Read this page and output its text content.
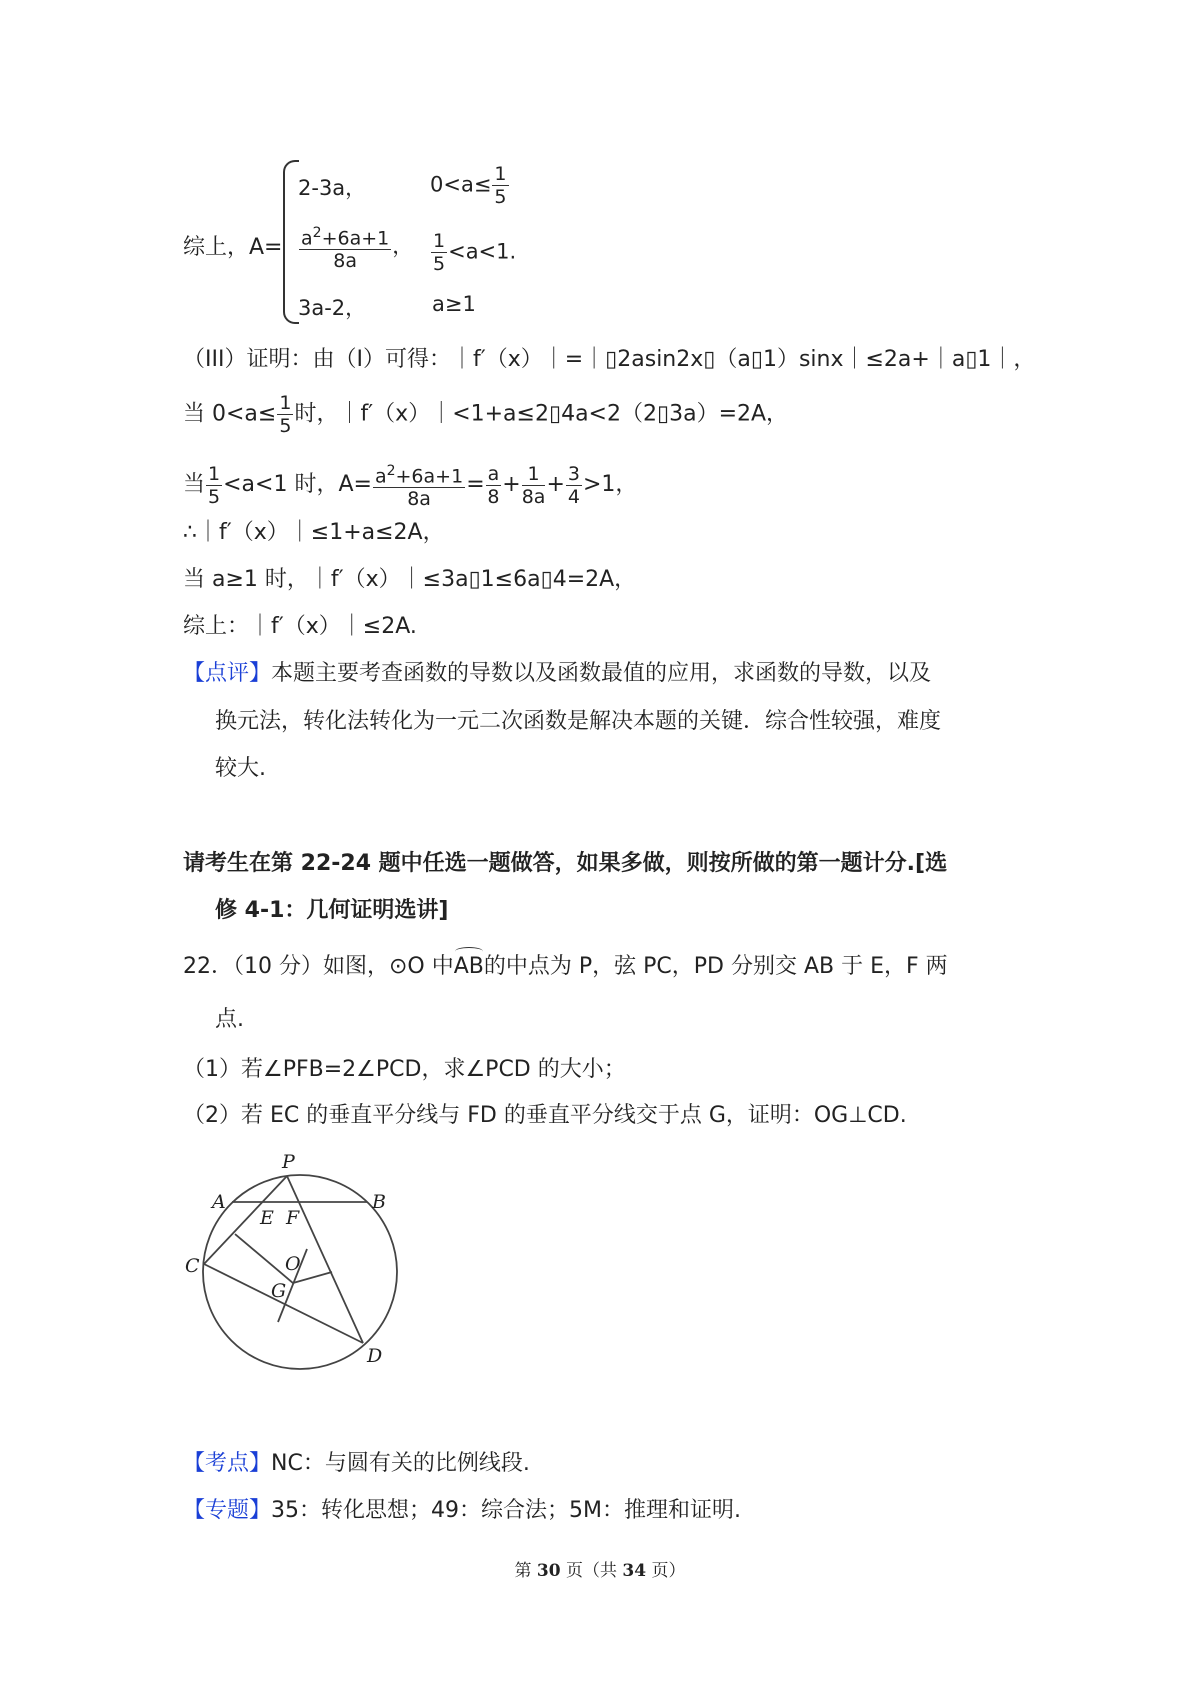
综上，A=
2-3a，	$0<a\le \frac{1}{5}$
$\frac{a^2+6a+1}{8a}$ ， $\frac{1}{5} <a<1$.
3a-2，	a≥1
（III）证明：由（I）可得：｜f′（x）｜=｜▯2asin2x▯（a▯1）sinx｜≤2a+｜a▯1｜，
当 $0<a\le \frac{1}{5}$ 时，｜f′（x）｜<1+a≤2▯4a<2（2▯3a）=2A，
当 $\frac{1}{5} <a<1$ 时，$A= \frac{a^2+6a+1}{8a} = \frac{a}{8} + \frac{1}{8a} + \frac{3}{4} >1$，
∴｜f′（x）｜≤1+a≤2A，
当 a≥1 时，｜f′（x）｜≤3a▯1≤6a▯4=2A，
综上：｜f′（x）｜≤2A.
【点评】本题主要考查函数的导数以及函数最值的应用，求函数的导数，以及
换元法，转化法转化为一元二次函数是解决本题的关键．综合性较强，难度
较大.
请考生在第 22-24 题中任选一题做答，如果多做，则按所做的第一题计分.[选
修 4-1：几何证明选讲]
22．（10 分）如图，⊙O 中AB的中点为 P，弦 PC，PD 分别交 AB 于 E，F 两
点.
（1）若∠PFB=2∠PCD，求∠PCD 的大小；
（2）若 EC 的垂直平分线与 FD 的垂直平分线交于点 G，证明：OG⊥CD.
P
A	B
E F
C	O
G
D
【考点】NC：与圆有关的比例线段.
【专题】35：转化思想；49：综合法；5M：推理和证明.
第 30 页（共 34 页）
